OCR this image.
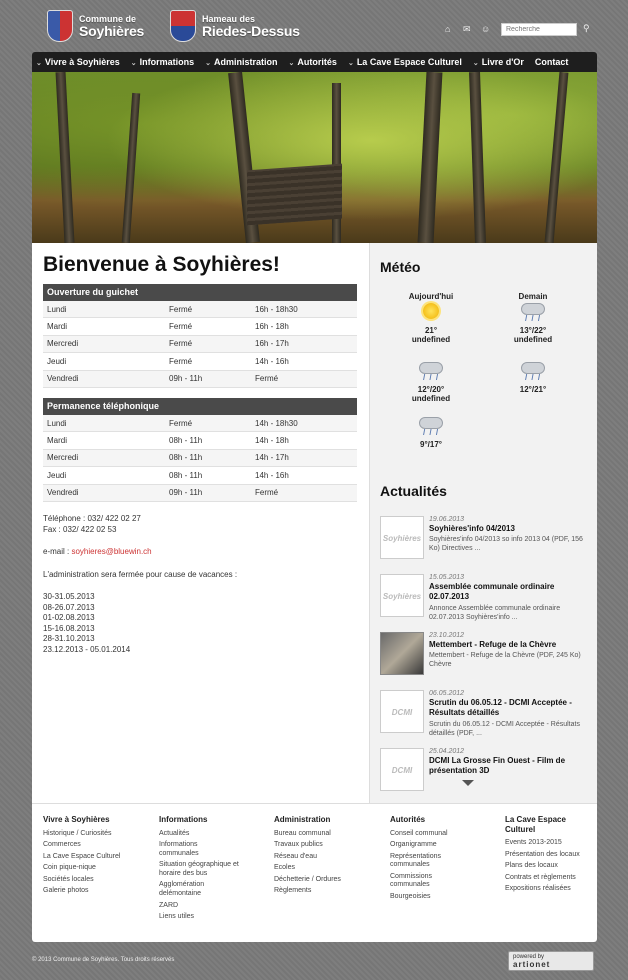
Commune de
Soyhières
Hameau des
Riedes-Dessus	⌂ ✉ ☺
Recherche	⚲
⌄ Vivre à Soyhières ⌄ Informations ⌄ Administration ⌄ Autorités ⌄ La Cave Espace Culturel ⌄ Livre d'Or Contact
Bienvenue à Soyhières!
Ouverture du guichet
Lundi	Fermé	16h - 18h30
Mardi	Fermé	16h - 18h
Mercredi	Fermé	16h - 17h
Jeudi	Fermé	14h - 16h
Vendredi	09h - 11h	Fermé
Permanence téléphonique
Lundi	Fermé	14h - 18h30
Mardi	08h - 11h	14h - 18h
Mercredi	08h - 11h	14h - 17h
Jeudi	08h - 11h	14h - 16h
Vendredi	09h - 11h	Fermé
Téléphone : 032/ 422 02 27
Fax : 032/ 422 02 53
e-mail : soyhieres@bluewin.ch
L'administration sera fermée pour cause de vacances :
30-31.05.2013
08-26.07.2013
01-02.08.2013
15-16.08.2013
28-31.10.2013
23.12.2013 - 05.01.2014
Météo
Aujourd'hui
21°
undefined
Demain
/ / /
13°/22°
undefined
/ / /
12°/20°
undefined
/ / /
12°/21°
/ / /
9°/17°
Actualités
Soyhières
19.06.2013
Soyhières'info 04/2013
Soyhières'info 04/2013 so info 2013 04 (PDF, 156 Ko) Directives ...
Soyhières
15.05.2013
Assemblée communale ordinaire 02.07.2013
Annonce Assemblée communale ordinaire 02.07.2013 Soyhières'info ...
23.10.2012
Mettembert - Refuge de la Chèvre
Mettembert - Refuge de la Chèvre (PDF, 245 Ko) Chèvre
DCMI
06.05.2012
Scrutin du 06.05.12 - DCMI Acceptée - Résultats détaillés
Scrutin du 06.05.12 - DCMI Acceptée - Résultats détaillés (PDF, ...
DCMI
25.04.2012
DCMI La Grosse Fin Ouest - Film de présentation 3D
Vivre à Soyhières
Historique / Curiosités
Commerces
La Cave Espace Culturel
Coin pique-nique
Sociétés locales
Galerie photos
Informations
Actualités
Informations communales
Situation géographique et horaire des bus
Agglomération delémontaine
ZARD
Liens utiles
Administration
Bureau communal
Travaux publics
Réseau d'eau
Ecoles
Déchetterie / Ordures
Règlements
Autorités
Conseil communal
Organigramme
Représentations communales
Commissions communales
Bourgeoisies
La Cave Espace Culturel
Events 2013-2015
Présentation des locaux
Plans des locaux
Contrats et règlements
Expositions réalisées
© 2013 Commune de Soyhières. Tous droits réservés	powered by
artionet
